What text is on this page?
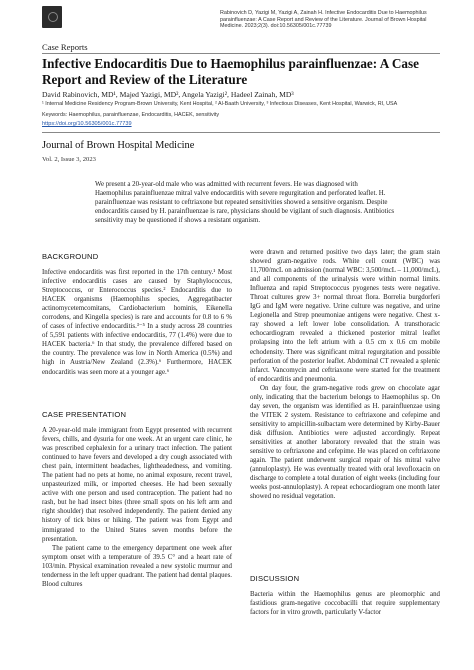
Rabinovich D, Yazigi M, Yazigi A, Zainah H. Infective Endocarditis Due to Haemophilus parainfluenzae: A Case Report and Review of the Literature. Journal of Brown Hospital Medicine. 2023;2(3). doi:10.56305/001c.77739
Case Reports
Infective Endocarditis Due to Haemophilus parainfluenzae: A Case Report and Review of the Literature
David Rabinovich, MD¹, Majed Yazigi, MD², Angela Yazigi², Hadeel Zainah, MD³
¹ Internal Medicine Residency Program-Brown University, Kent Hospital, ² Al-Baath University, ³ Infectious Diseases, Kent Hospital, Warwick, RI, USA
Keywords: Haemophilus, parainfluenzae, Endocarditis, HACEK, sensitivity
https://doi.org/10.56305/001c.77739
Journal of Brown Hospital Medicine
Vol. 2, Issue 3, 2023
We present a 20-year-old male who was admitted with recurrent fevers. He was diagnosed with Haemophilus parainfluenzae mitral valve endocarditis with severe regurgitation and perforated leaflet. H. parainfluenzae was resistant to ceftriaxone but repeated sensitivities showed a sensitive organism. Despite endocarditis caused by H. parainfluenzae is rare, physicians should be vigilant of such diagnosis. Antibiotics sensitivity may be questioned if shows a resistant organism.
BACKGROUND

Infective endocarditis was first reported in the 17th century.¹ Most infective endocarditis cases are caused by Staphylococcus, Streptococcus, or Enterococcus species.² Endocarditis due to HACEK organisms (Haemophilus species, Aggregatibacter actinomycetemcomitans, Cardiobacterium hominis, Eikenella corrodens, and Kingella species) is rare and accounts for 0.8 to 6 % of cases of infective endocarditis.³⁻⁵ In a study across 28 countries of 5,591 patients with infective endocarditis, 77 (1.4%) were due to HACEK bacteria.⁶ In that study, the prevalence differed based on the country. The prevalence was low in North America (0.5%) and high in Austria/New Zealand (2.3%).⁶ Furthermore, HACEK endocarditis was seen more at a younger age.⁶

CASE PRESENTATION

A 20-year-old male immigrant from Egypt presented with recurrent fevers, chills, and dysuria for one week. At an urgent care clinic, he was prescribed cephalexin for a urinary tract infection. The patient continued to have fevers and developed a dry cough associated with chest pain, intermittent headaches, lightheadedness, and vomiting. The patient had no pets at home, no animal exposure, recent travel, unpasteurized milk, or imported cheeses. He had been sexually active with one person and used contraception. The patient had no rash, but he had insect bites (three small spots on his left arm and right shoulder) that resolved independently. The patient denied any history of tick bites or hiking. The patient was from Egypt and immigrated to the United States seven months before the presentation.

The patient came to the emergency department one week after symptom onset with a temperature of 39.5 C° and a heart rate of 103/min. Physical examination revealed a new systolic murmur and tenderness in the left upper quadrant. The patient had dental plaques. Blood cultures

were drawn and returned positive two days later; the gram stain showed gram-negative rods. White cell count (WBC) was 11,700/mcL on admission (normal WBC: 3,500/mcL – 11,000/mcL), and all components of the urinalysis were within normal limits. Influenza and rapid Streptococcus pyogenes tests were negative. Throat cultures grew 3+ normal throat flora. Borrelia burgdorferi IgG and IgM were negative. Urine culture was negative, and urine Legionella and Strep pneumoniae antigens were negative. Chest x-ray showed a left lower lobe consolidation. A transthoracic echocardiogram revealed a thickened posterior mitral leaflet prolapsing into the left atrium with a 0.5 cm x 0.6 cm mobile echodensity. There was significant mitral regurgitation and possible perforation of the posterior leaflet. Abdominal CT revealed a splenic infarct. Vancomycin and ceftriaxone were started for the treatment of endocarditis and pneumonia.

On day four, the gram-negative rods grew on chocolate agar only, indicating that the bacterium belongs to Haemophilus sp. On day seven, the organism was identified as H. parainfluenzae using the VITEK 2 system. Resistance to ceftriaxone and cefepime and sensitivity to ampicillin-sulbactam were determined by Kirby-Bauer disk diffusion. Antibiotics were adjusted accordingly. Repeat sensitivities at another laboratory revealed that the strain was sensitive to ceftriaxone and cefepime. He was placed on ceftriaxone again. The patient underwent surgical repair of his mitral valve (annuloplasty). He was eventually treated with oral levofloxacin on discharge to complete a total duration of eight weeks (including four weeks post-annuloplasty). A repeat echocardiogram one month later showed no residual vegetation.

DISCUSSION

Bacteria within the Haemophilus genus are pleomorphic and fastidious gram-negative coccobacilli that require supplementary factors for in vitro growth, particularly V-factor
